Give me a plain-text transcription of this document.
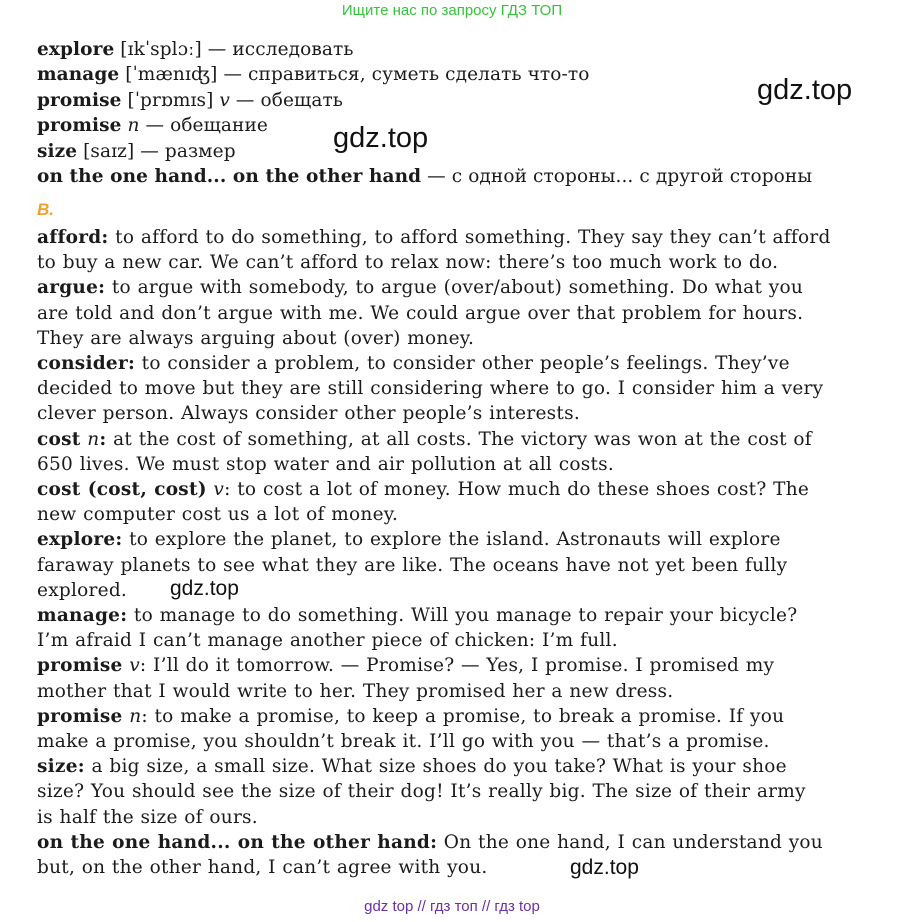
Ищите нас по запросу ГДЗ ТОП
explore [ɪkˈsplɔː] — исследовать
manage [ˈmænɪʤ] — справиться, суметь сделать что-то
promise [ˈprɒmɪs] v — обещать
promise n — обещание
size [saɪz] — размер
on the one hand... on the other hand — с одной стороны... с другой стороны
B.
afford: to afford to do something, to afford something. They say they can’t afford
to buy a new car. We can’t afford to relax now: there’s too much work to do.
argue: to argue with somebody, to argue (over/about) something. Do what you
are told and don’t argue with me. We could argue over that problem for hours.
They are always arguing about (over) money.
consider: to consider a problem, to consider other people’s feelings. They’ve
decided to move but they are still considering where to go. I consider him a very
clever person. Always consider other people’s interests.
cost n: at the cost of something, at all costs. The victory was won at the cost of
650 lives. We must stop water and air pollution at all costs.
cost (cost, cost) v: to cost a lot of money. How much do these shoes cost? The
new computer cost us a lot of money.
explore: to explore the planet, to explore the island. Astronauts will explore
faraway planets to see what they are like. The oceans have not yet been fully
explored.
manage: to manage to do something. Will you manage to repair your bicycle?
I’m afraid I can’t manage another piece of chicken: I’m full.
promise v: I’ll do it tomorrow. — Promise? — Yes, I promise. I promised my
mother that I would write to her. They promised her a new dress.
promise n: to make a promise, to keep a promise, to break a promise. If you
make a promise, you shouldn’t break it. I’ll go with you — that’s a promise.
size: a big size, a small size. What size shoes do you take? What is your shoe
size? You should see the size of their dog! It’s really big. The size of their army
is half the size of ours.
on the one hand... on the other hand: On the one hand, I can understand you
but, on the other hand, I can’t agree with you.
gdz.top
gdz.top
gdz.top
gdz.top
gdz top // гдз топ // гдз top
